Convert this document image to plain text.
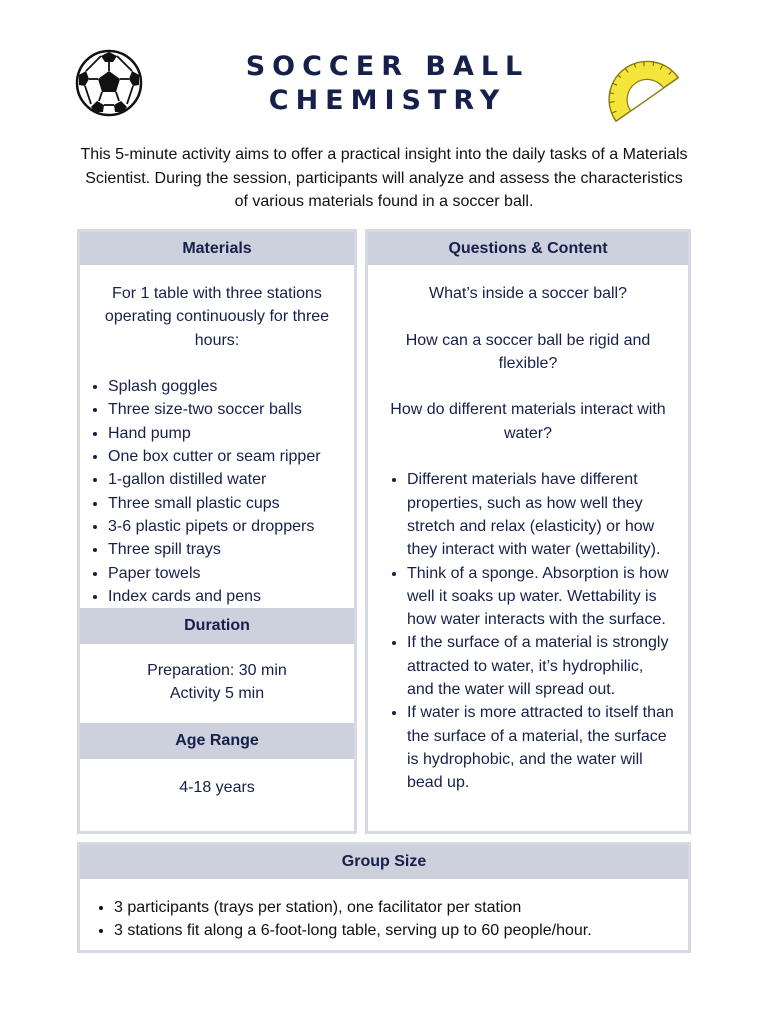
SOCCER BALL
CHEMISTRY
This 5-minute activity aims to offer a practical insight into the daily tasks of a Materials Scientist. During the session, participants will analyze and assess the characteristics of various materials found in a soccer ball.
Materials

For 1 table with three stations operating continuously for three hours:

• Splash goggles
• Three size-two soccer balls
• Hand pump
• One box cutter or seam ripper
• 1-gallon distilled water
• Three small plastic cups
• 3-6 plastic pipets or droppers
• Three spill trays
• Paper towels
• Index cards and pens
Duration

Preparation: 30 min

Activity 5 min

Age Range
4-18 years
Questions & Content

What’s inside a soccer ball?

How can a soccer ball be rigid and flexible?

How do different materials interact with water?

• Different materials have different properties, such as how well they stretch and relax (elasticity) or how they interact with water (wettability).
• Think of a sponge. Absorption is how well it soaks up water. Wettability is how water interacts with the surface.
• If the surface of a material is strongly attracted to water, it’s hydrophilic, and the water will spread out.
• If water is more attracted to itself than the surface of a material, the surface is hydrophobic, and the water will bead up.
Group Size
• 3 participants (trays per station), one facilitator per station
• 3 stations fit along a 6-foot-long table, serving up to 60 people/hour.
